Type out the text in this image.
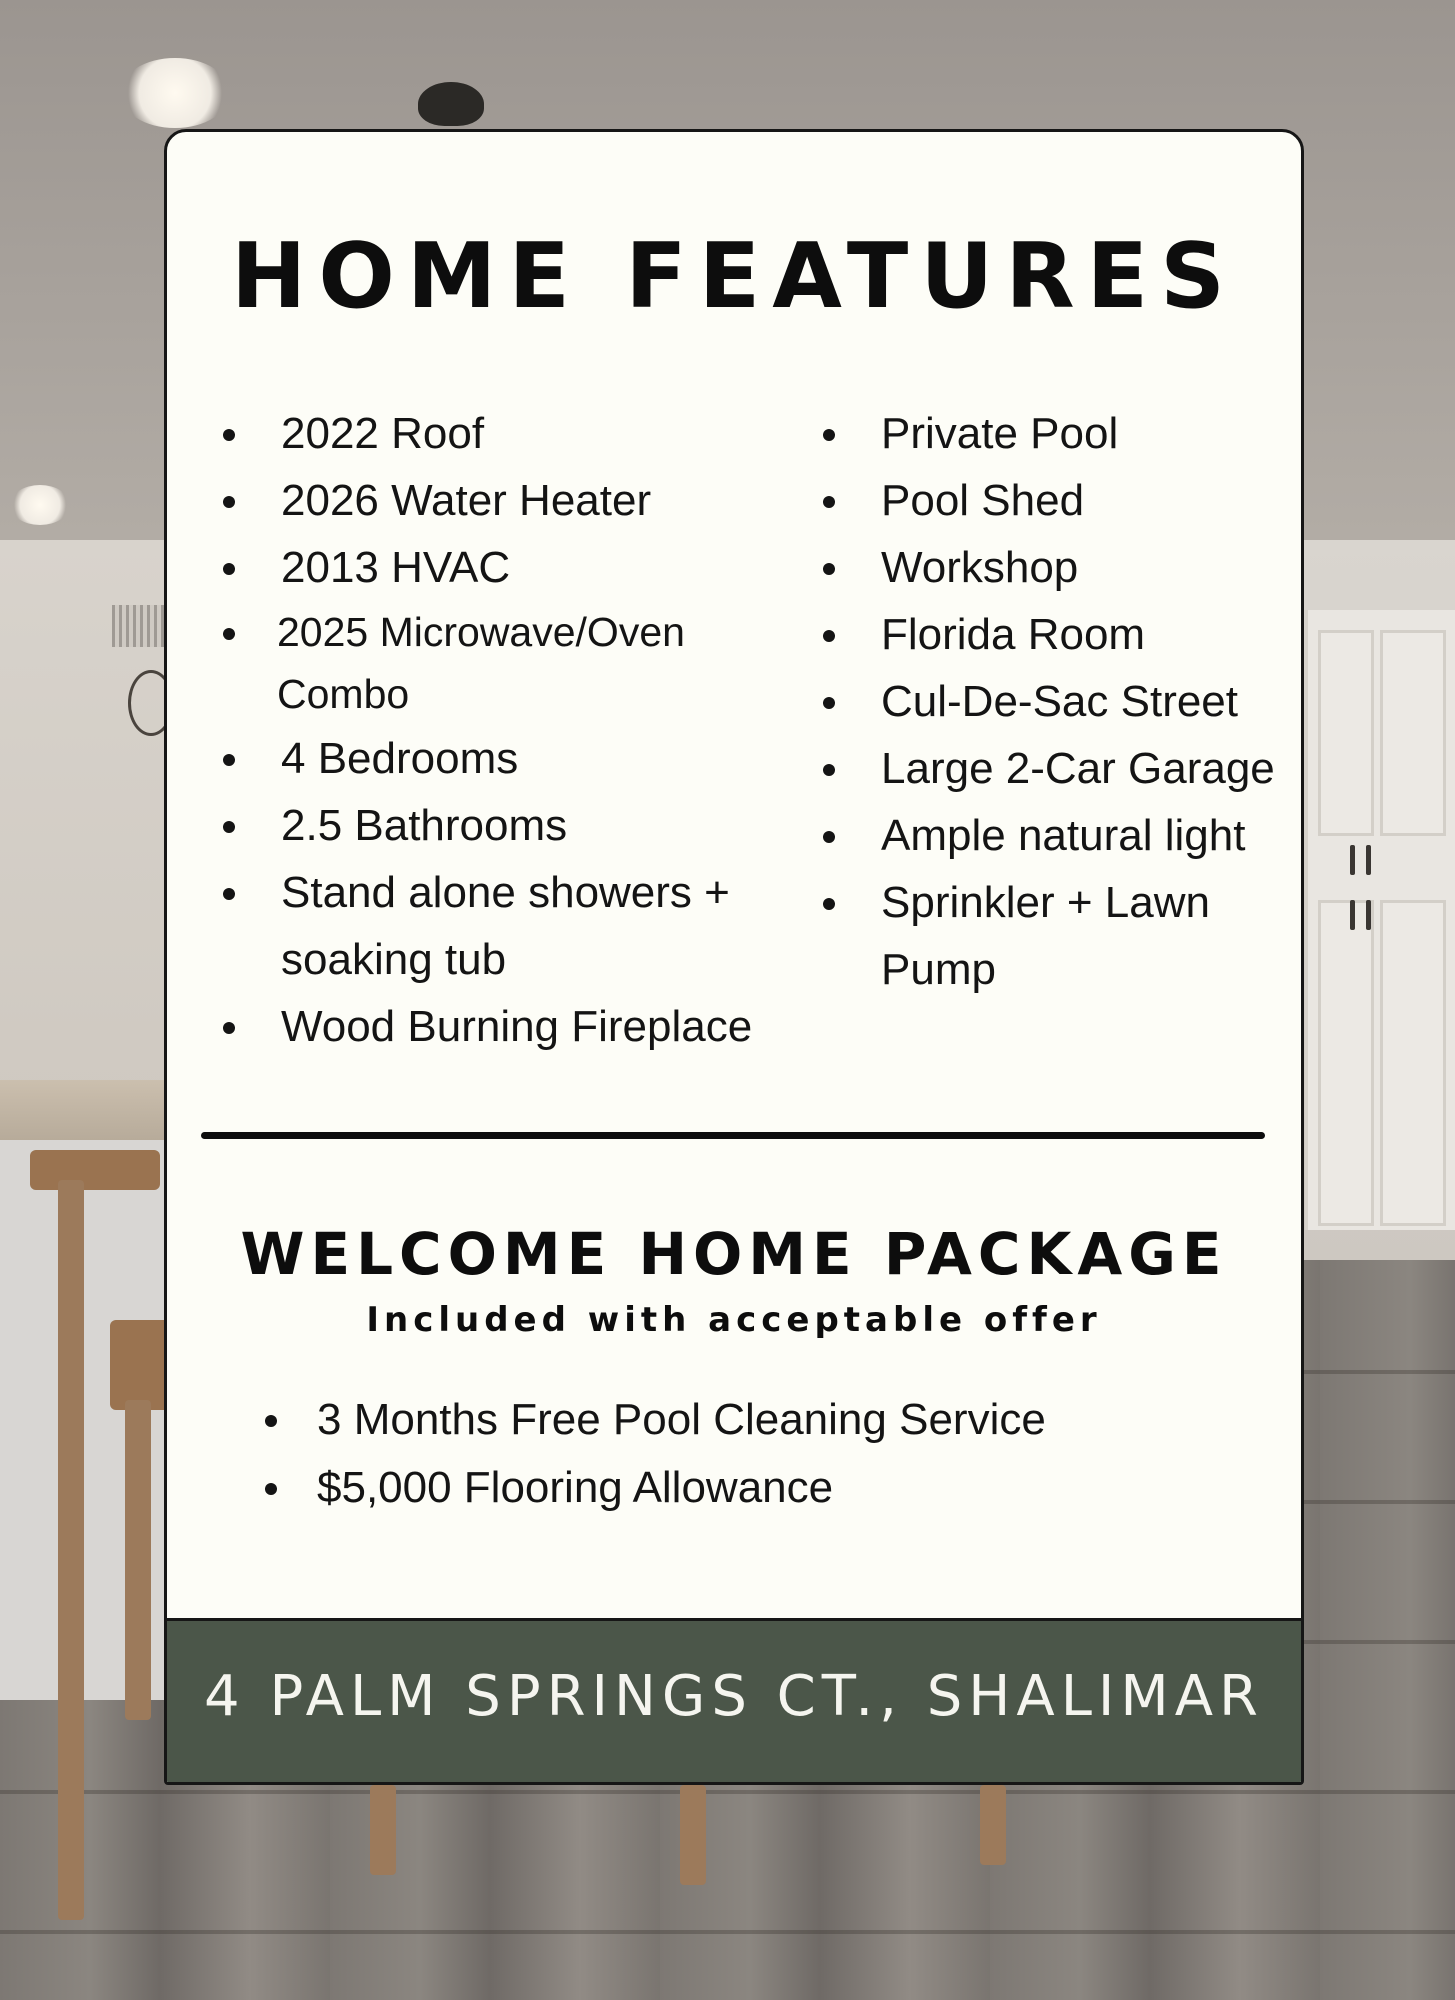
HOME FEATURES
2022 Roof
2026 Water Heater
2013 HVAC
2025 Microwave/Oven Combo
4 Bedrooms
2.5 Bathrooms
Stand alone showers + soaking tub
Wood Burning Fireplace
Private Pool
Pool Shed
Workshop
Florida Room
Cul-De-Sac Street
Large 2-Car Garage
Ample natural light
Sprinkler + Lawn Pump
WELCOME HOME PACKAGE
Included with acceptable offer
3 Months Free Pool Cleaning Service
$5,000 Flooring Allowance
4 PALM SPRINGS CT., SHALIMAR
